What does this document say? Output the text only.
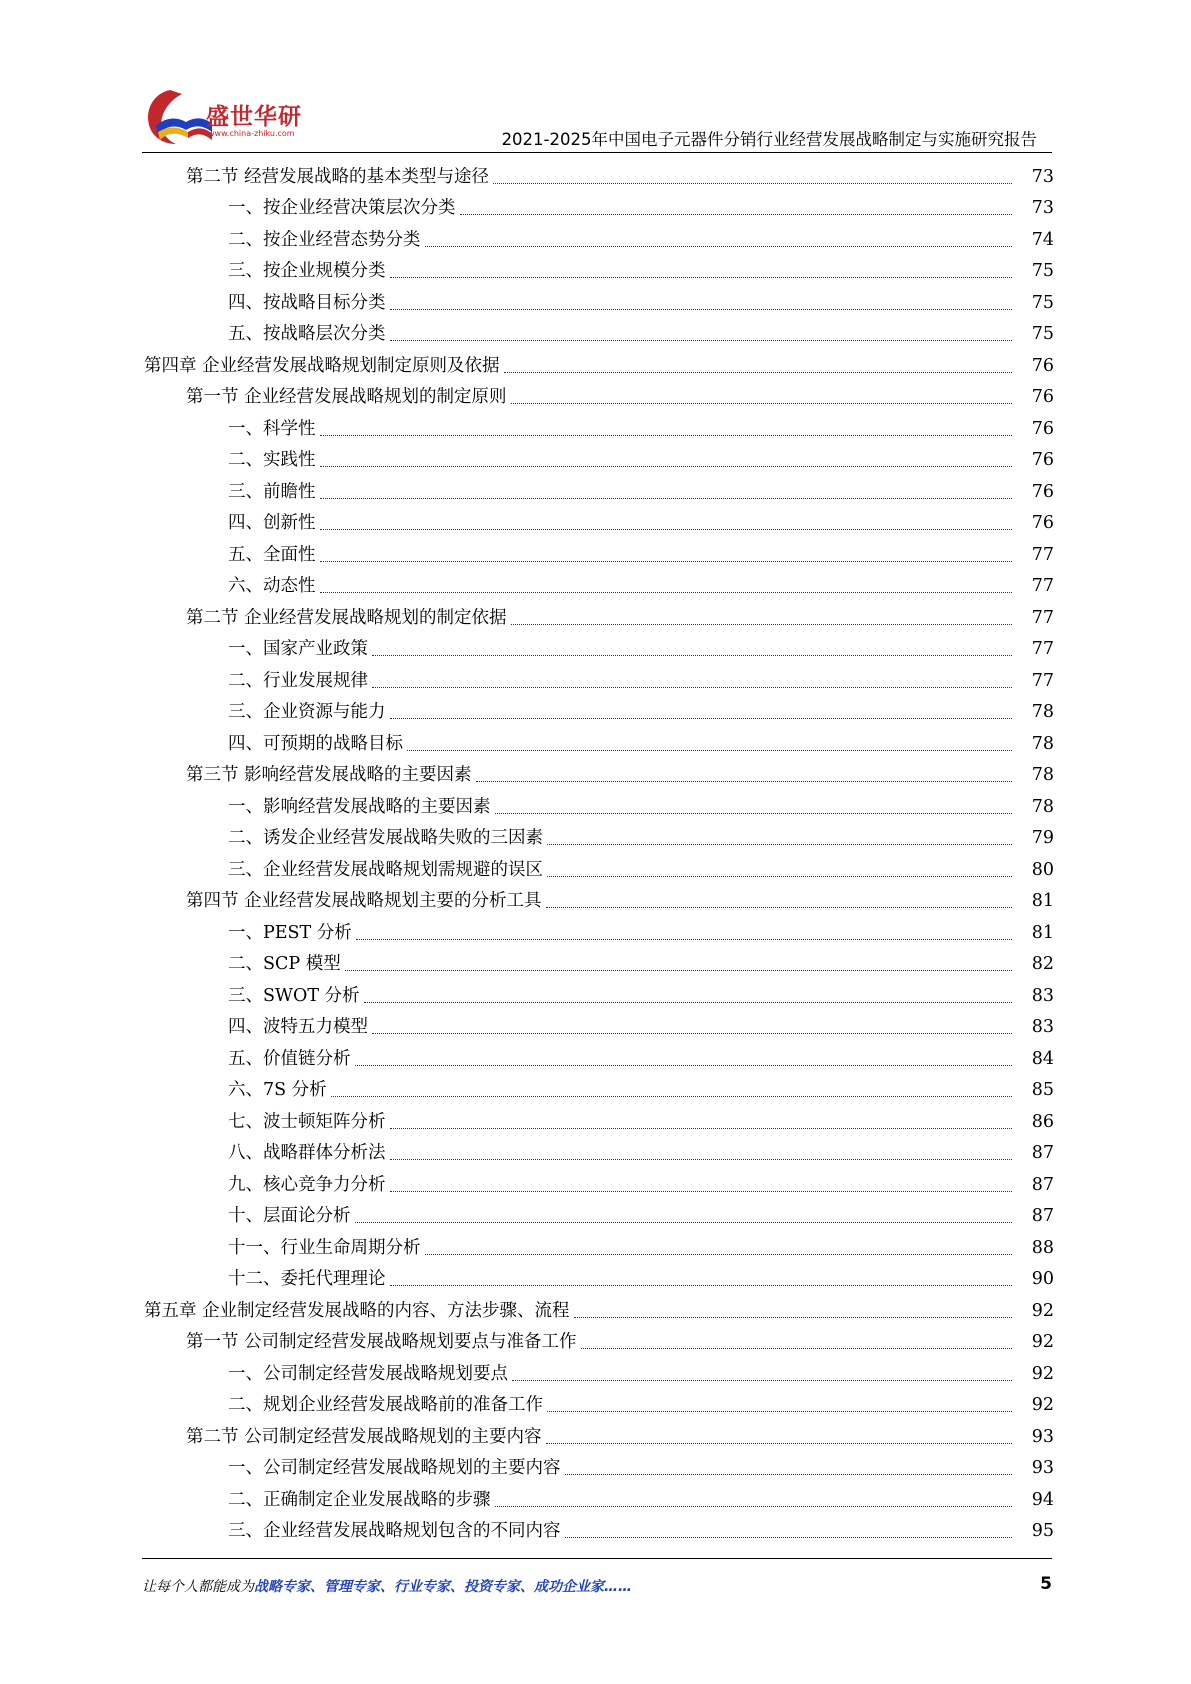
盛世华研
www.china-zhiku.com	2021-2025年中国电子元器件分销行业经营发展战略制定与实施研究报告
第二节 经营发展战略的基本类型与途径	73
一、按企业经营决策层次分类	73
二、按企业经营态势分类	74
三、按企业规模分类	75
四、按战略目标分类	75
五、按战略层次分类	75
第四章 企业经营发展战略规划制定原则及依据	76
第一节 企业经营发展战略规划的制定原则	76
一、科学性	76
二、实践性	76
三、前瞻性	76
四、创新性	76
五、全面性	77
六、动态性	77
第二节 企业经营发展战略规划的制定依据	77
一、国家产业政策	77
二、行业发展规律	77
三、企业资源与能力	78
四、可预期的战略目标	78
第三节 影响经营发展战略的主要因素	78
一、影响经营发展战略的主要因素	78
二、诱发企业经营发展战略失败的三因素	79
三、企业经营发展战略规划需规避的误区	80
第四节 企业经营发展战略规划主要的分析工具	81
一、PEST 分析	81
二、SCP 模型	82
三、SWOT 分析	83
四、波特五力模型	83
五、价值链分析	84
六、7S 分析	85
七、波士顿矩阵分析	86
八、战略群体分析法	87
九、核心竞争力分析	87
十、层面论分析	87
十一、行业生命周期分析	88
十二、委托代理理论	90
第五章 企业制定经营发展战略的内容、方法步骤、流程	92
第一节 公司制定经营发展战略规划要点与准备工作	92
一、公司制定经营发展战略规划要点	92
二、规划企业经营发展战略前的准备工作	92
第二节 公司制定经营发展战略规划的主要内容	93
一、公司制定经营发展战略规划的主要内容	93
二、正确制定企业发展战略的步骤	94
三、企业经营发展战略规划包含的不同内容	95
让每个人都能成为战略专家、管理专家、行业专家、投资专家、成功企业家……	5
